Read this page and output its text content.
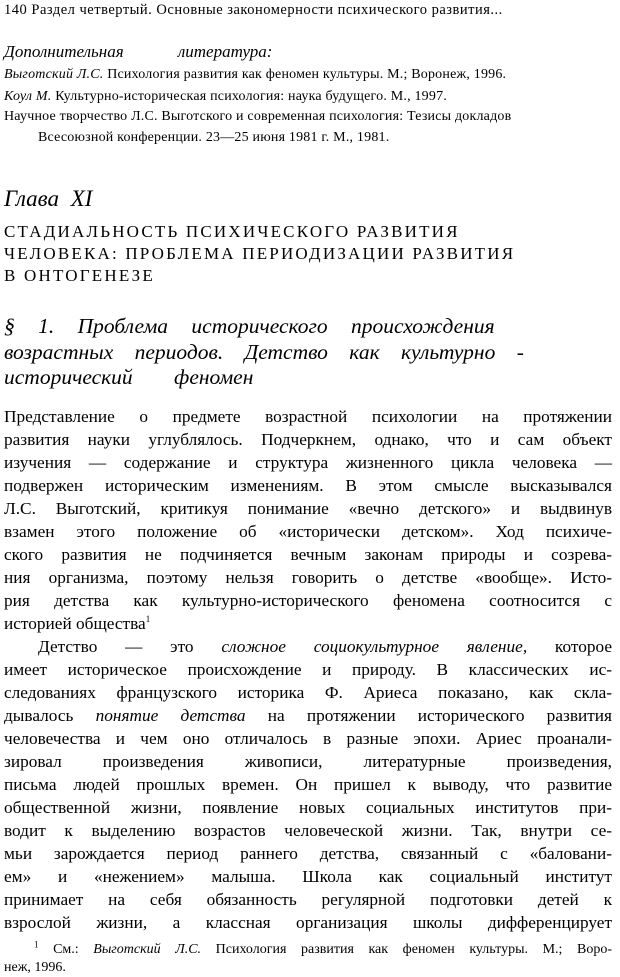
140 Раздел четвертый. Основные закономерности психического развития...
Дополнительная литература:
Выготский Л.С. Психология развития как феномен культуры. М.; Воронеж, 1996.
Коул М. Культурно-историческая психология: наука будущего. М., 1997.
Научное творчество Л.С. Выготского и современная психология: Тезисы докладов
Всесоюзной конференции. 23—25 июня 1981 г. М., 1981.
Глава XI
СТАДИАЛЬНОСТЬ ПСИХИЧЕСКОГО РАЗВИТИЯ
ЧЕЛОВЕКА: ПРОБЛЕМА ПЕРИОДИЗАЦИИ РАЗВИТИЯ
В ОНТОГЕНЕЗЕ
§ 1. Проблема исторического происхождения
возрастных периодов. Детство как культурно -
исторический феномен
Представление о предмете возрастной психологии на протяжении
развития науки углублялось. Подчеркнем, однако, что и сам объект
изучения — содержание и структура жизненного цикла человека —
подвержен историческим изменениям. В этом смысле высказывался
Л.С. Выготский, критикуя понимание «вечно детского» и выдвинув
взамен этого положение об «исторически детском». Ход психиче-
ского развития не подчиняется вечным законам природы и созрева-
ния организма, поэтому нельзя говорить о детстве «вообще». Исто-
рия детства как культурно-исторического феномена соотносится с
историей общества$^1$
Детство — это сложное социокультурное явление, которое
имеет историческое происхождение и природу. В классических ис-
следованиях французского историка Ф. Ариеса показано, как скла-
дывалось понятие детства на протяжении исторического развития
человечества и чем оно отличалось в разные эпохи. Ариес проанали-
зировал произведения живописи, литературные произведения,
письма людей прошлых времен. Он пришел к выводу, что развитие
общественной жизни, появление новых социальных институтов при-
водит к выделению возрастов человеческой жизни. Так, внутри се-
мьи зарождается период раннего детства, связанный с «баловани-
ем» и «нежением» малыша. Школа как социальный институт
принимает на себя обязанность регулярной подготовки детей к
взрослой жизни, а классная организация школы дифференцирует
$^1$ См.: Выготский Л.С. Психология развития как феномен культуры. М.; Воро-
неж, 1996.
